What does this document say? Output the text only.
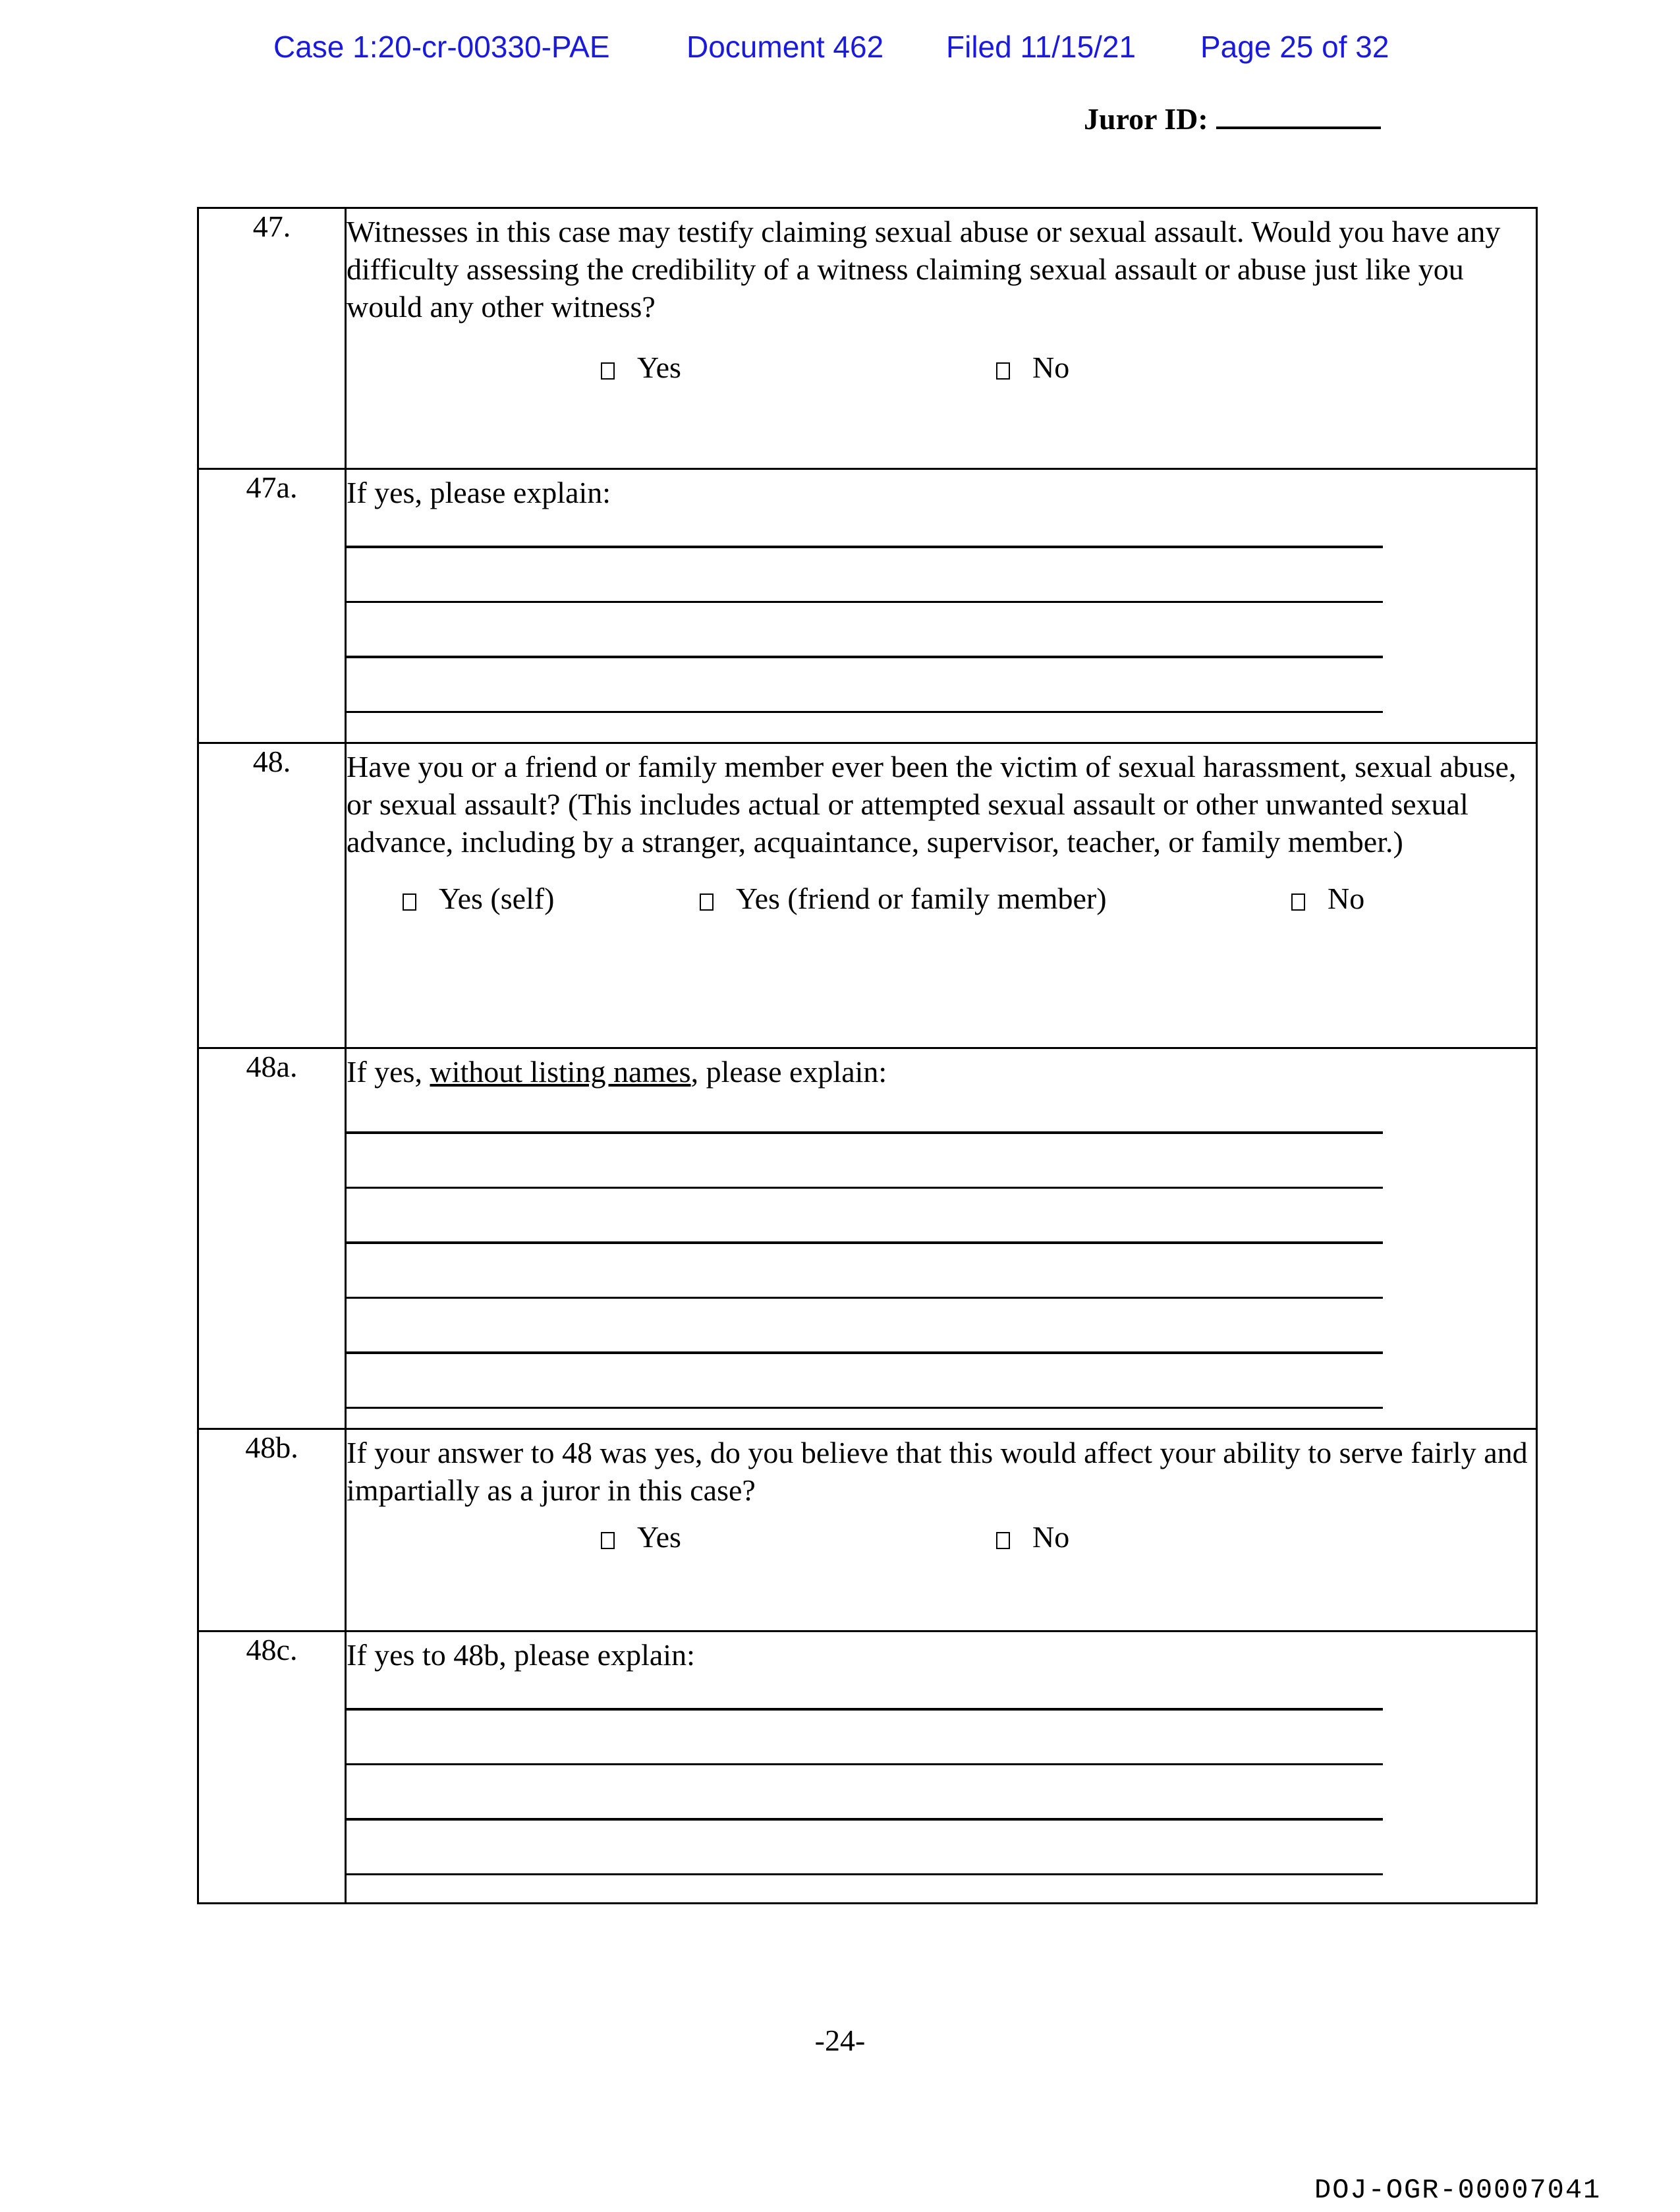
Case 1:20-cr-00330-PAE	Document 462 Filed 11/15/21 Page 25 of 32
Juror ID:
47.	Witnesses in this case may testify claiming sexual abuse or sexual assault. Would you have any difficulty assessing the credibility of a witness claiming sexual assault or abuse just like you would any other witness?
Yes No

47a.	If yes, please explain:

48.	Have you or a friend or family member ever been the victim of sexual harassment, sexual abuse, or sexual assault? (This includes actual or attempted sexual assault or other unwanted sexual advance, including by a stranger, acquaintance, supervisor, teacher, or family member.)
Yes (self) Yes (friend or family member) No

48a.	If yes, without listing names, please explain:

48b.	If your answer to 48 was yes, do you believe that this would affect your ability to serve fairly and impartially as a juror in this case?
Yes No

48c.	If yes to 48b, please explain:
-24-
DOJ-OGR-00007041
